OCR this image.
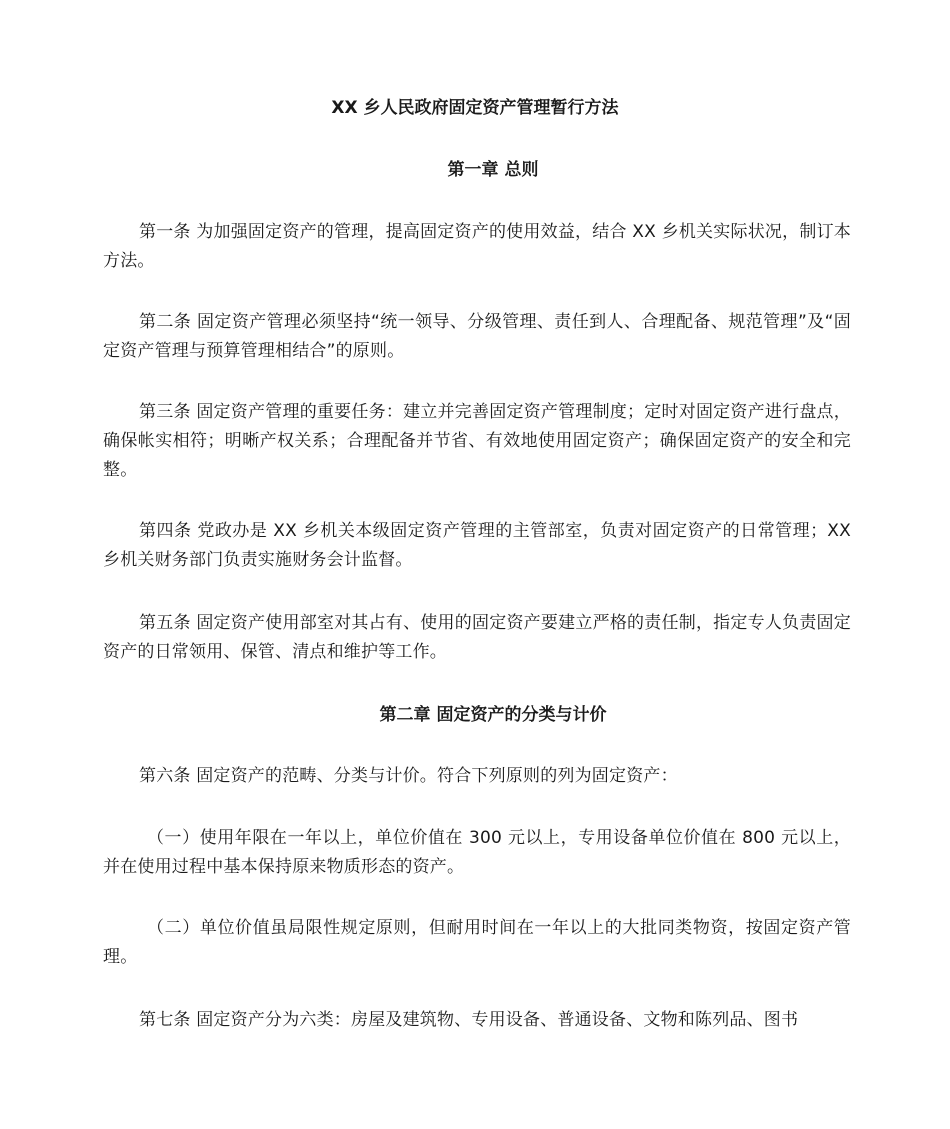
XX 乡人民政府固定资产管理暂行方法
第一章 总则

第一条 为加强固定资产的管理，提高固定资产的使用效益，结合 XX 乡机关实际状况，制订本方法。

第二条 固定资产管理必须坚持“统一领导、分级管理、责任到人、合理配备、规范管理”及“固定资产管理与预算管理相结合”的原则。

第三条 固定资产管理的重要任务：建立并完善固定资产管理制度；定时对固定资产进行盘点，确保帐实相符；明晰产权关系；合理配备并节省、有效地使用固定资产；确保固定资产的安全和完整。

第四条 党政办是 XX 乡机关本级固定资产管理的主管部室，负责对固定资产的日常管理；XX 乡机关财务部门负责实施财务会计监督。

第五条 固定资产使用部室对其占有、使用的固定资产要建立严格的责任制，指定专人负责固定资产的日常领用、保管、清点和维护等工作。

第二章 固定资产的分类与计价

第六条 固定资产的范畴、分类与计价。符合下列原则的列为固定资产：

（一）使用年限在一年以上，单位价值在 300 元以上，专用设备单位价值在 800 元以上，并在使用过程中基本保持原来物质形态的资产。

（二）单位价值虽局限性规定原则，但耐用时间在一年以上的大批同类物资，按固定资产管理。

第七条 固定资产分为六类：房屋及建筑物、专用设备、普通设备、文物和陈列品、图书
